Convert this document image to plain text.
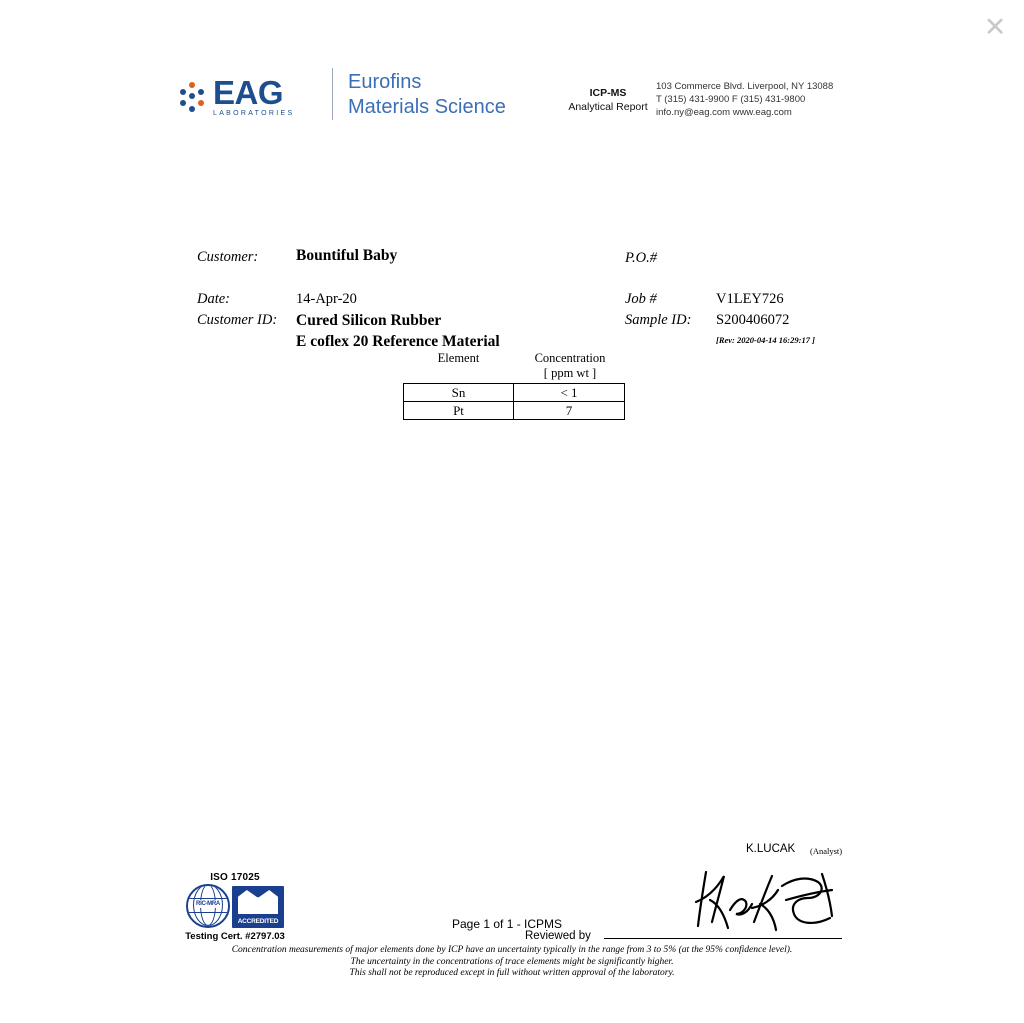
✕
EAG
LABORATORIES
Eurofins
Materials Science
ICP-MS
Analytical Report
103 Commerce Blvd. Liverpool, NY 13088
T (315) 431-9900 F (315) 431-9800
info.ny@eag.com www.eag.com
Customer: Bountiful Baby	P.O.#
Date:	14-Apr-20	Job #	V1LEY726
Customer ID: Cured Silicon Rubber
E coflex 20 Reference Material
Sample ID: S200406072
[Rev: 2020-04-14 16:29:17 ]
Element	Concentration
[ ppm wt ]
Sn	< 1
Pt	7
ISO 17025
RIC-MRA
ACCREDITED
Testing Cert. #2797.03
Page 1 of 1 - ICPMS
Reviewed by
K.LUCAK (Analyst)
Concentration measurements of major elements done by ICP have an uncertainty typically in the range from 3 to 5% (at the 95% confidence level).
The uncertainty in the concentrations of trace elements might be significantly higher.
This shall not be reproduced except in full without written approval of the laboratory.
